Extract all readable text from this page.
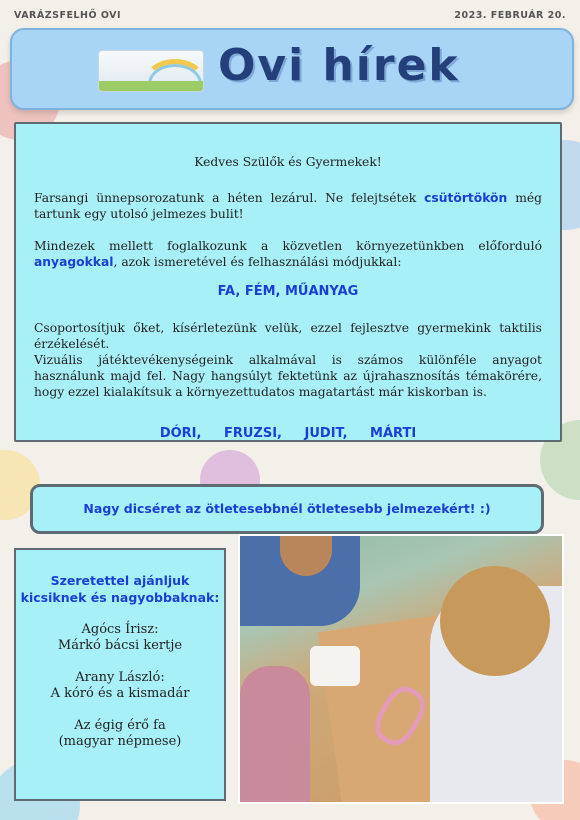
VARÁZSFELHŐ OVI	2023. FEBRUÁR 20.
Ovi hírek

Kedves Szülők és Gyermekek!

Farsangi ünnepsorozatunk a héten lezárul. Ne felejtsétek csütörtökön még tartunk egy utolsó jelmezes bulit!

Mindezek mellett foglalkozunk a közvetlen környezetünkben előforduló anyagokkal, azok ismeretével és felhasználási módjukkal:

FA, FÉM, MŰANYAG

Csoportosítjuk őket, kísérletezünk velük, ezzel fejlesztve gyermekink taktilis érzékelését.

Vizuális játéktevékenységeink alkalmával is számos különféle anyagot használunk majd fel. Nagy hangsúlyt fektetünk az újrahasznosítás témakörére, hogy ezzel kialakítsuk a környezettudatos magatartást már kiskorban is.

DÓRI, FRUZSI, JUDIT, MÁRTI

Nagy dicséret az ötletesebbnél ötletesebb jelmezekért! :)
Szeretettel ajánljuk kicsiknek és nagyobbaknak:
Agócs Írisz:
Márkó bácsi kertje
Arany László:
A kóró és a kismadár
Az égig érő fa
(magyar népmese)
